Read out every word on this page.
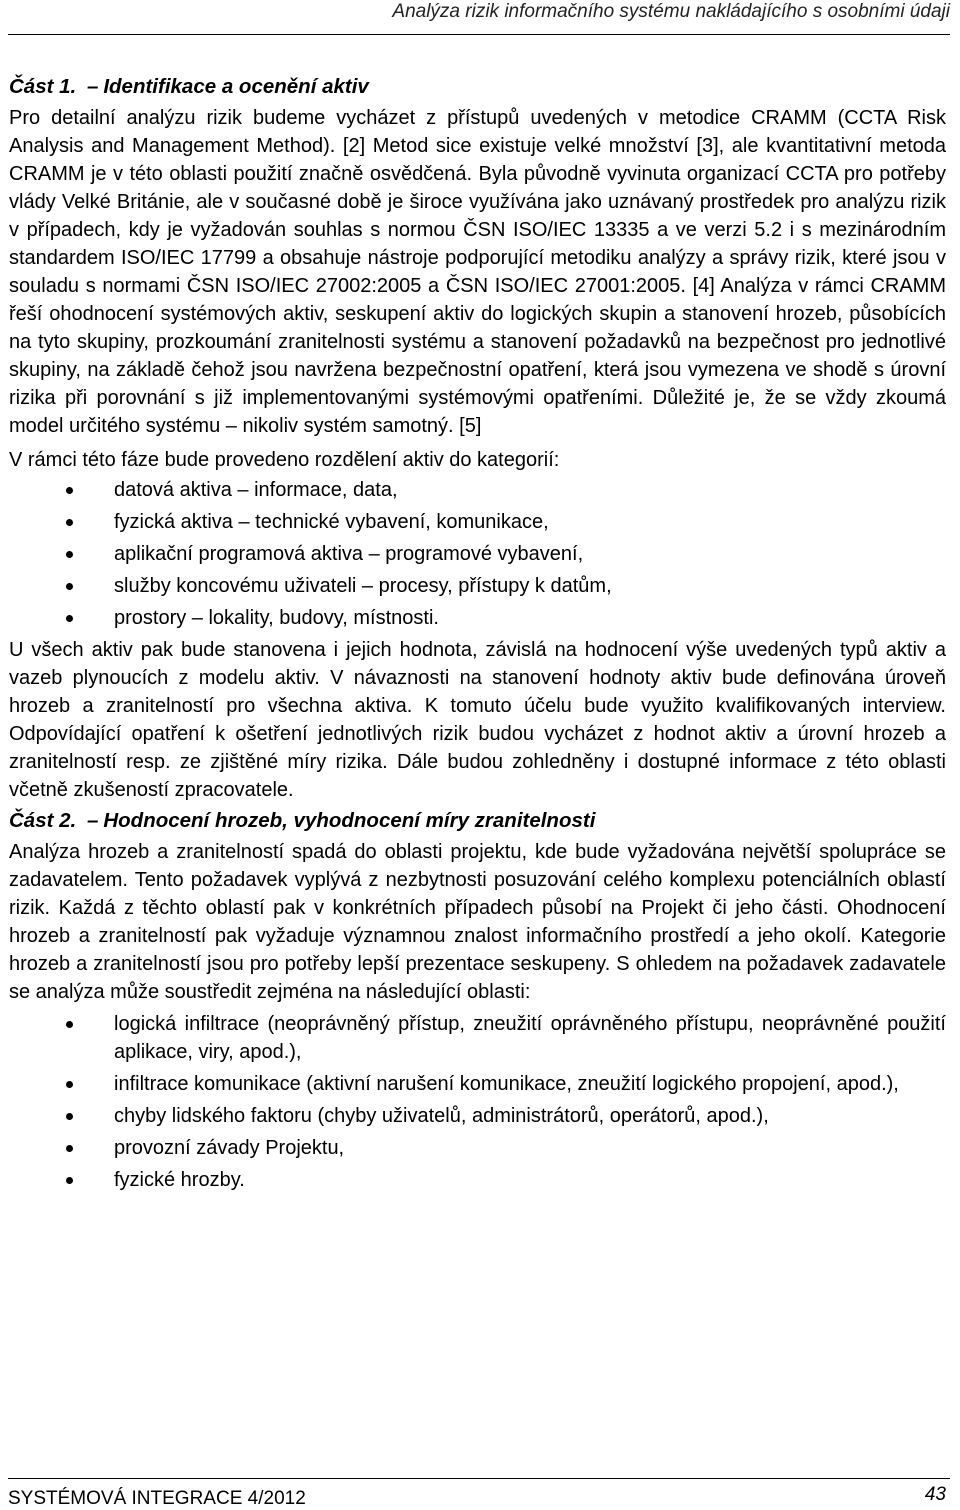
Analýza rizik informačního systému nakládajícího s osobními údaji
Část 1. – Identifikace a ocenění aktiv

Pro detailní analýzu rizik budeme vycházet z přístupů uvedených v metodice CRAMM (CCTA Risk Analysis and Management Method). [2] Metod sice existuje velké množství [3], ale kvantitativní metoda CRAMM je v této oblasti použití značně osvědčená. Byla původně vyvinuta organizací CCTA pro potřeby vlády Velké Británie, ale v současné době je široce využívána jako uznávaný prostředek pro analýzu rizik v případech, kdy je vyžadován souhlas s normou ČSN ISO/IEC 13335 a ve verzi 5.2 i s mezinárodním standardem ISO/IEC 17799 a obsahuje nástroje podporující metodiku analýzy a správy rizik, které jsou v souladu s normami ČSN ISO/IEC 27002:2005 a ČSN ISO/IEC 27001:2005. [4] Analýza v rámci CRAMM řeší ohodnocení systémových aktiv, seskupení aktiv do logických skupin a stanovení hrozeb, působících na tyto skupiny, prozkoumání zranitelnosti systému a stanovení požadavků na bezpečnost pro jednotlivé skupiny, na základě čehož jsou navržena bezpečnostní opatření, která jsou vymezena ve shodě s úrovní rizika při porovnání s již implementovanými systémovými opatřeními. Důležité je, že se vždy zkoumá model určitého systému – nikoliv systém samotný. [5]

V rámci této fáze bude provedeno rozdělení aktiv do kategorií:

datová aktiva – informace, data,
fyzická aktiva – technické vybavení, komunikace,
aplikační programová aktiva – programové vybavení,
služby koncovému uživateli – procesy, přístupy k datům,
prostory – lokality, budovy, místnosti.

U všech aktiv pak bude stanovena i jejich hodnota, závislá na hodnocení výše uvedených typů aktiv a vazeb plynoucích z modelu aktiv. V návaznosti na stanovení hodnoty aktiv bude definována úroveň hrozeb a zranitelností pro všechna aktiva. K tomuto účelu bude využito kvalifikovaných interview. Odpovídající opatření k ošetření jednotlivých rizik budou vycházet z hodnot aktiv a úrovní hrozeb a zranitelností resp. ze zjištěné míry rizika. Dále budou zohledněny i dostupné informace z této oblasti včetně zkušeností zpracovatele.

Část 2. – Hodnocení hrozeb, vyhodnocení míry zranitelnosti

Analýza hrozeb a zranitelností spadá do oblasti projektu, kde bude vyžadována největší spolupráce se zadavatelem. Tento požadavek vyplývá z nezbytnosti posuzování celého komplexu potenciálních oblastí rizik. Každá z těchto oblastí pak v konkrétních případech působí na Projekt či jeho části. Ohodnocení hrozeb a zranitelností pak vyžaduje významnou znalost informačního prostředí a jeho okolí. Kategorie hrozeb a zranitelností jsou pro potřeby lepší prezentace seskupeny. S ohledem na požadavek zadavatele se analýza může soustředit zejména na následující oblasti:

logická infiltrace (neoprávněný přístup, zneužití oprávněného přístupu, neoprávněné použití aplikace, viry, apod.),
infiltrace komunikace (aktivní narušení komunikace, zneužití logického propojení, apod.),
chyby lidského faktoru (chyby uživatelů, administrátorů, operátorů, apod.),
provozní závady Projektu,
fyzické hrozby.
SYSTÉMOVÁ INTEGRACE 4/2012	43
